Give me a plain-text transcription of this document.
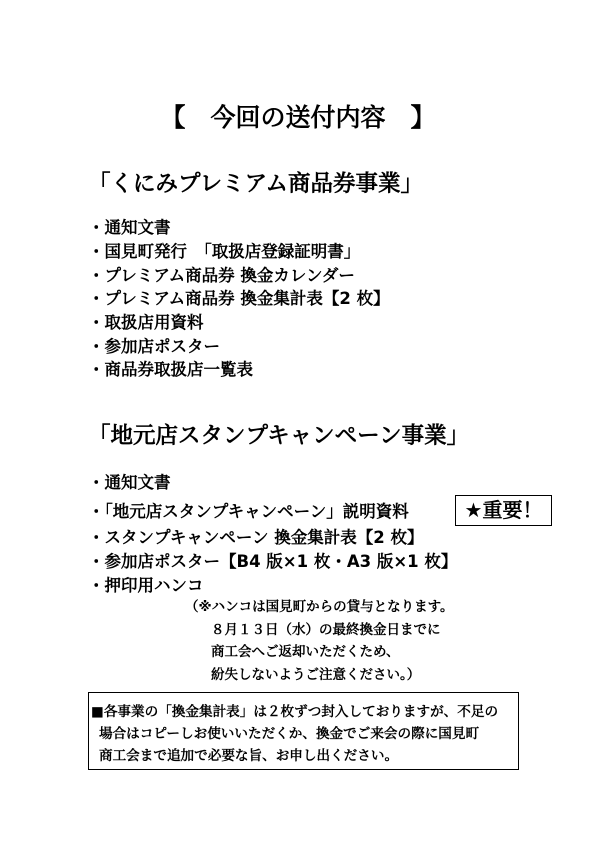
【　今回の送付内容　】
「くにみプレミアム商品券事業」
・通知文書
・国見町発行　「取扱店登録証明書」
・プレミアム商品券 換金カレンダー
・プレミアム商品券 換金集計表【2 枚】
・取扱店用資料
・参加店ポスター
・商品券取扱店一覧表
「地元店スタンプキャンペーン事業」
・通知文書
・「地元店スタンプキャンペーン」説明資料	★重要！
・スタンプキャンペーン 換金集計表【2 枚】
・参加店ポスター【B4 版×1 枚・A3 版×1 枚】
・押印用ハンコ
（※ハンコは国見町からの貸与となります。
８月１３日（水）の最終換金日までに
商工会へご返却いただくため、
紛失しないようご注意ください。）
■各事業の「換金集計表」は２枚ずつ封入しておりますが、不足の
場合はコピーしお使いいただくか、換金でご来会の際に国見町
商工会まで追加で必要な旨、お申し出ください。
